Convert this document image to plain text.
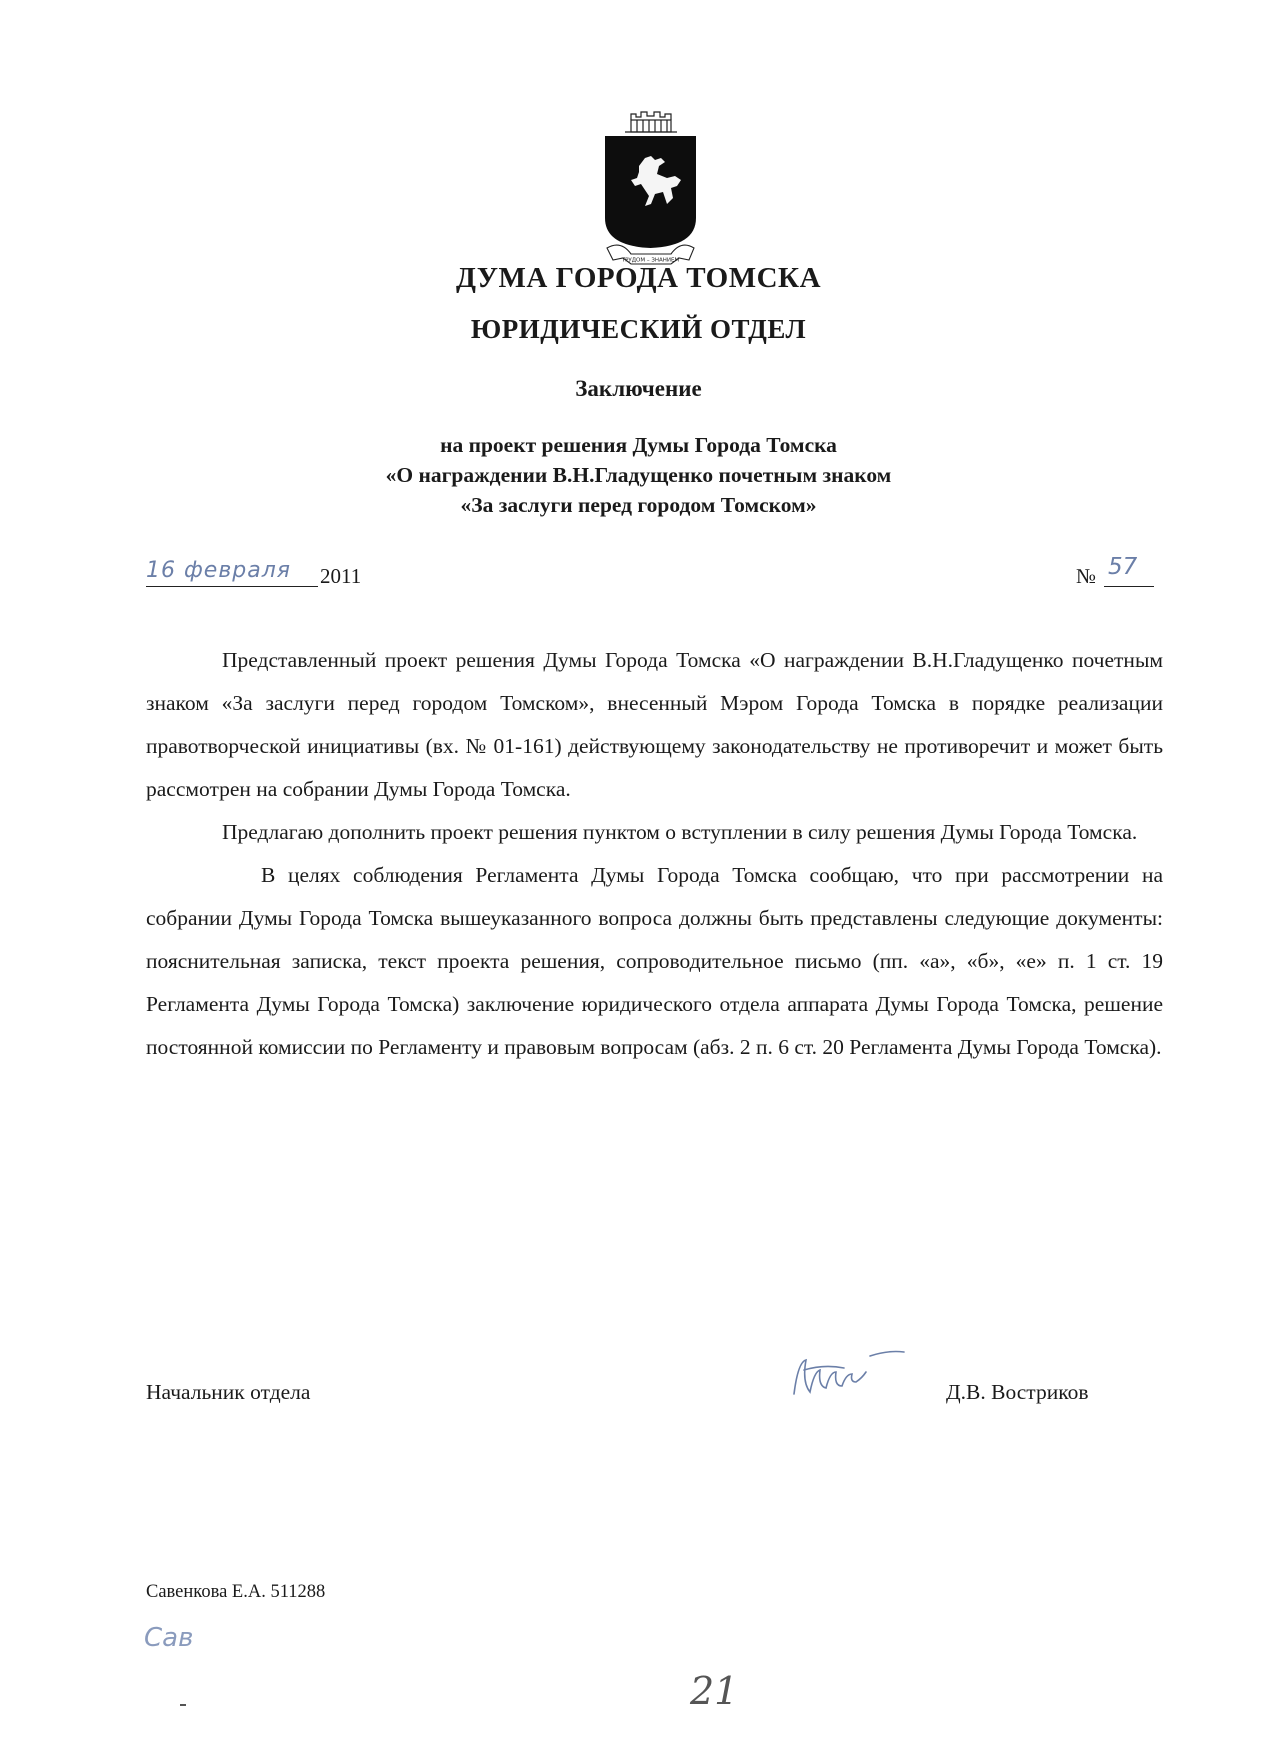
ТРУДОМ – ЗНАНИЕМ
ДУМА ГОРОДА ТОМСКА
ЮРИДИЧЕСКИЙ ОТДЕЛ
Заключение
на проект решения Думы Города Томска
«О награждении В.Н.Гладущенко почетным знаком
«За заслуги перед городом Томском»
16 февраля 2011	№ 57

Представленный проект решения Думы Города Томска «О награждении В.Н.Гладущенко почетным знаком «За заслуги перед городом Томском», внесенный Мэром Города Томска в порядке реализации правотворческой инициативы (вх. № 01-161) действующему законодательству не противоречит и может быть рассмотрен на собрании Думы Города Томска.

Предлагаю дополнить проект решения пунктом о вступлении в силу решения Думы Города Томска.

В целях соблюдения Регламента Думы Города Томска сообщаю, что при рассмотрении на собрании Думы Города Томска вышеуказанного вопроса должны быть представлены следующие документы: пояснительная записка, текст проекта решения, сопроводительное письмо (пп. «а», «б», «е» п. 1 ст. 19 Регламента Думы Города Томска) заключение юридического отдела аппарата Думы Города Томска, решение постоянной комиссии по Регламенту и правовым вопросам (абз. 2 п. 6 ст. 20 Регламента Думы Города Томска).

Начальник отдела	Д.В. Востриков
Савенкова Е.А. 511288
Сав
21
